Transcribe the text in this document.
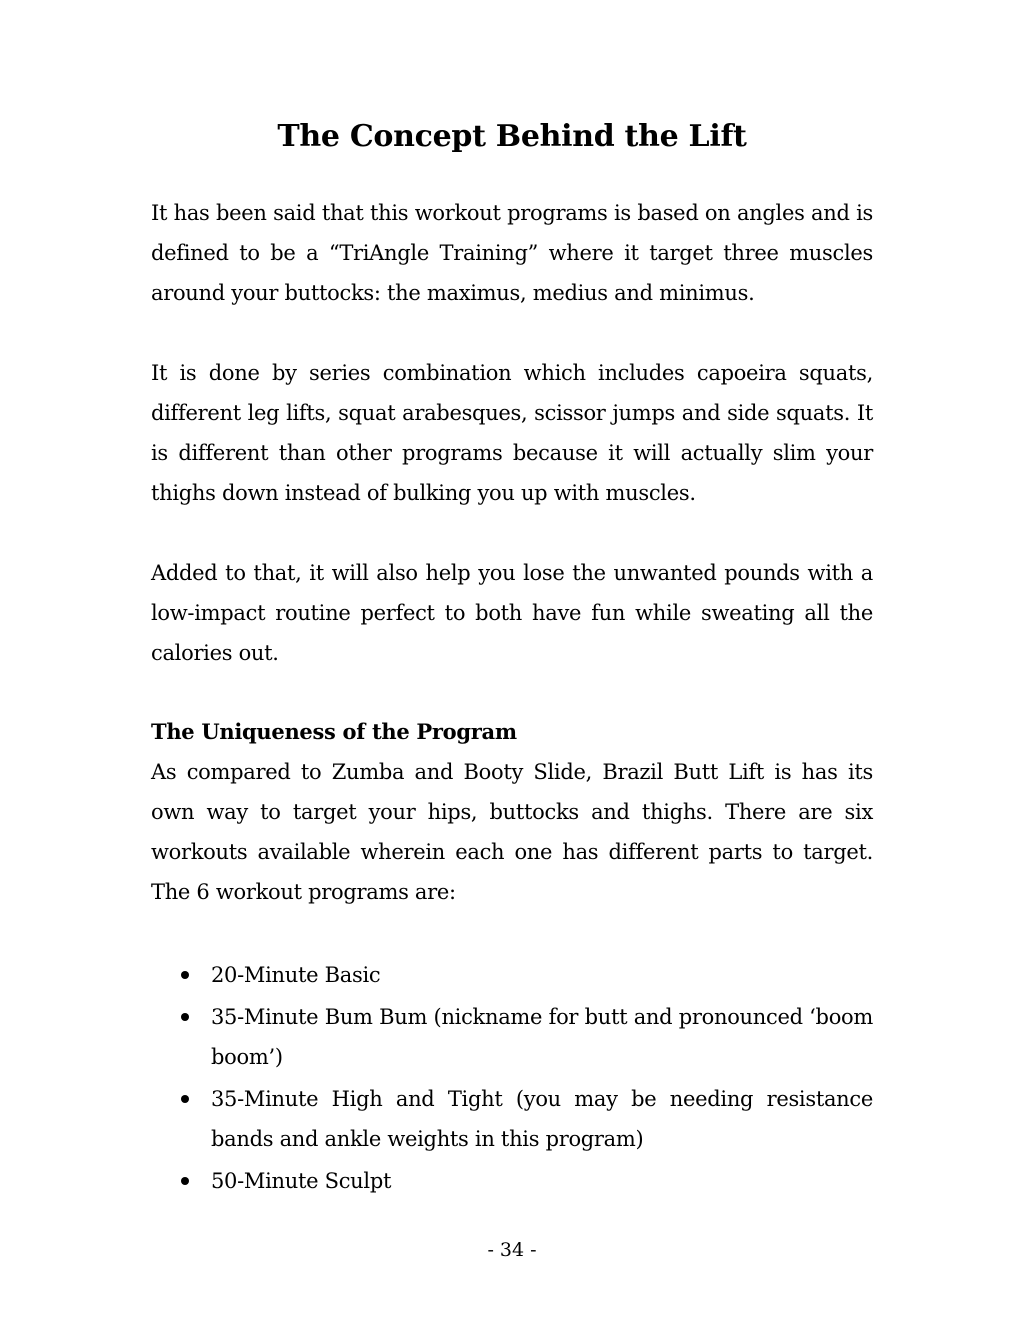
The Concept Behind the Lift

It has been said that this workout programs is based on angles and is defined to be a “TriAngle Training” where it target three muscles around your buttocks: the maximus, medius and minimus.

It is done by series combination which includes capoeira squats, different leg lifts, squat arabesques, scissor jumps and side squats. It is different than other programs because it will actually slim your thighs down instead of bulking you up with muscles.

Added to that, it will also help you lose the unwanted pounds with a low-impact routine perfect to both have fun while sweating all the calories out.

The Uniqueness of the Program

As compared to Zumba and Booty Slide, Brazil Butt Lift is has its own way to target your hips, buttocks and thighs. There are six workouts available wherein each one has different parts to target. The 6 workout programs are:

20-Minute Basic
35-Minute Bum Bum (nickname for butt and pronounced ‘boom boom’)
35-Minute High and Tight (you may be needing resistance bands and ankle weights in this program)
50-Minute Sculpt
- 34 -
